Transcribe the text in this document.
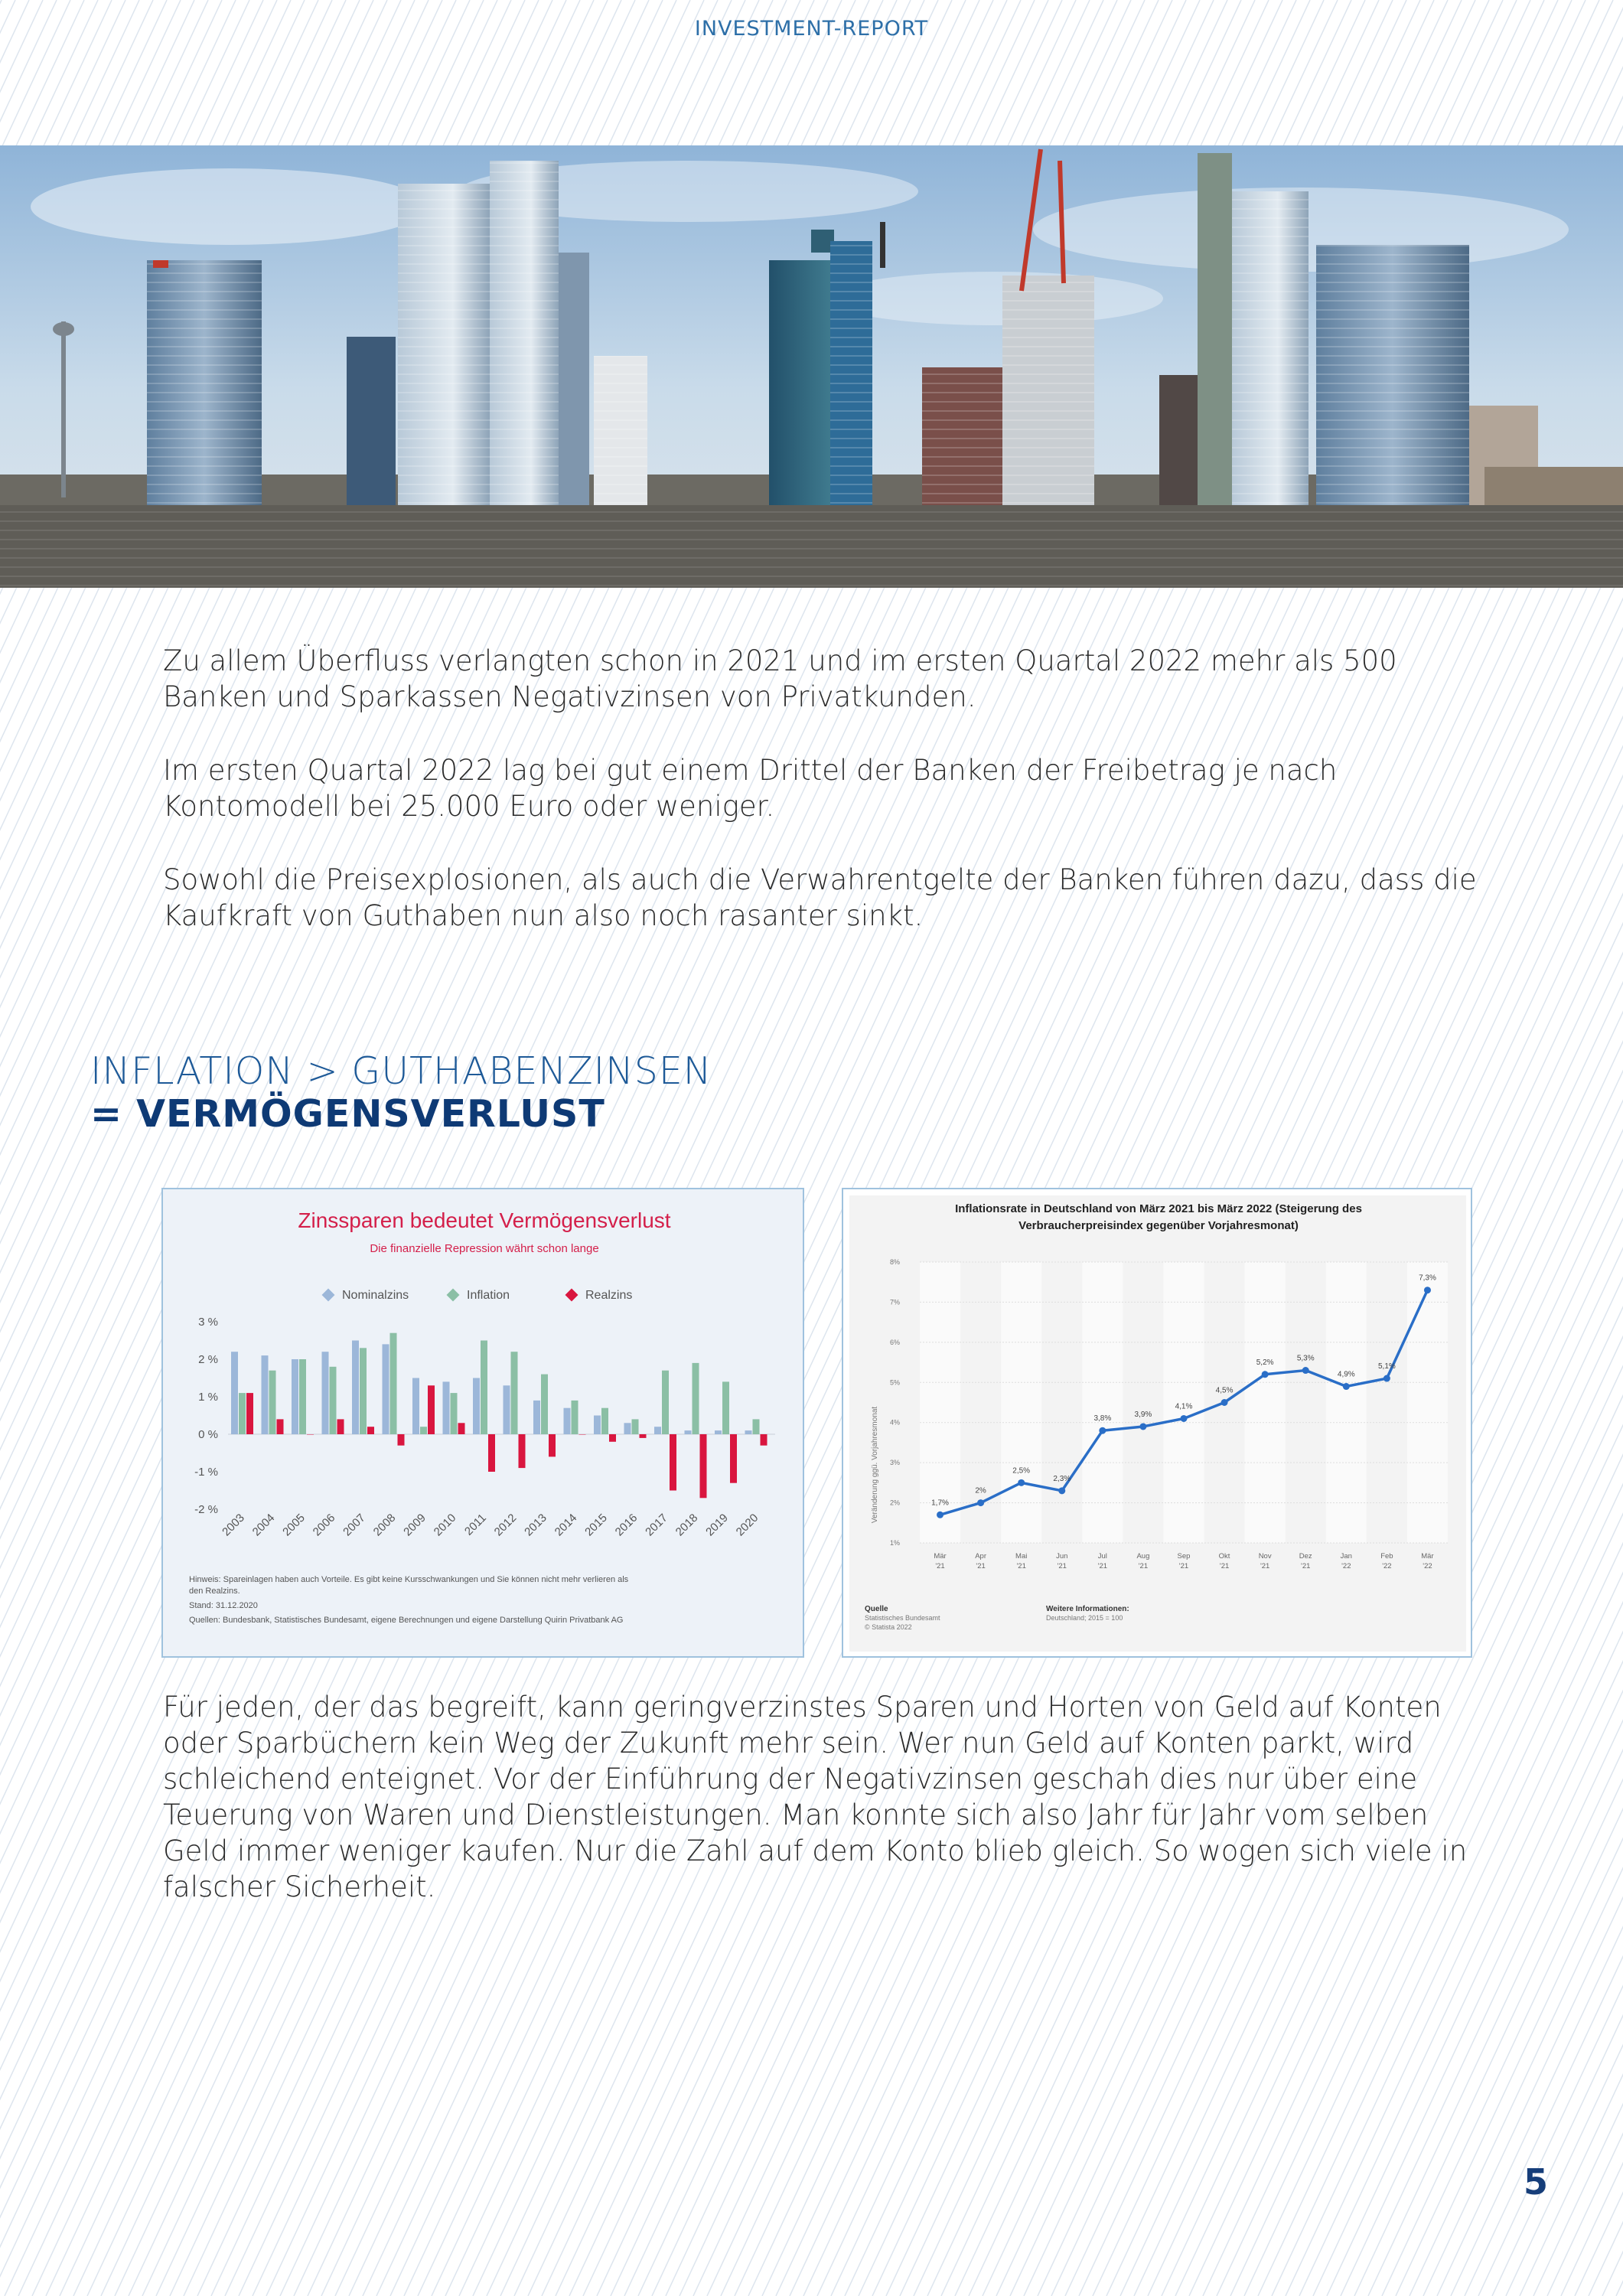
INVESTMENT-REPORT

Zu allem Überfluss verlangten schon in 2021 und im ersten Quartal 2022 mehr als 500 Banken und Sparkassen Negativzinsen von Privatkunden.

Im ersten Quartal 2022 lag bei gut einem Drittel der Banken der Freibetrag je nach Kontomodell bei 25.000 Euro oder weniger.

Sowohl die Preisexplosionen, als auch die Verwahrentgelte der Banken führen dazu, dass die Kaufkraft von Guthaben nun also noch rasanter sinkt.

INFLATION > GUTHABENZINSEN
= VERMÖGENSVERLUST
Zinssparen bedeutet Vermögensverlust
Die finanzielle Repression währt schon lange
Nominalzins	Inflation	Realzins
3 %
2 %
1 %
0 %
-1 %
-2 %
2003 2004 2005 2006 2007 2008 2009 2010 2011 2012 2013 2014 2015 2016 2017 2018 2019 2020
Hinweis: Spareinlagen haben auch Vorteile. Es gibt keine Kursschwankungen und Sie können nicht mehr verlieren als
den Realzins.
Stand: 31.12.2020
Quellen: Bundesbank, Statistisches Bundesamt, eigene Berechnungen und eigene Darstellung Quirin Privatbank AG
Inflationsrate in Deutschland von März 2021 bis März 2022 (Steigerung des
Verbraucherpreisindex gegenüber Vorjahresmonat)
1%
2%
3%
4%
5%
6%
7%
8%
Veränderung ggü. Vorjahresmonat	1,7%
2%
2,5%
2,3%
3,8%	3,9%
4,1%
4,5%
5,2%	5,3%
4,9%
5,1%
7,3%
Mär
'21
Apr
'21
Mai
'21
Jun
'21
Jul
'21
Aug
'21
Sep
'21
Okt
'21
Nov
'21
Dez
'21
Jan
'22
Feb
'22
Mär
'22
Quelle
Statistisches Bundesamt
© Statista 2022
Weitere Informationen:
Deutschland; 2015 = 100

Für jeden, der das begreift, kann geringverzinstes Sparen und Horten von Geld auf Konten oder Sparbüchern kein Weg der Zukunft mehr sein. Wer nun Geld auf Konten parkt, wird schleichend enteignet. Vor der Einführung der Negativzinsen geschah dies nur über eine Teuerung von Waren und Dienstleistungen. Man konnte sich also Jahr für Jahr vom selben Geld immer weniger kaufen. Nur die Zahl auf dem Konto blieb gleich. So wogen sich viele in falscher Sicherheit.

5
